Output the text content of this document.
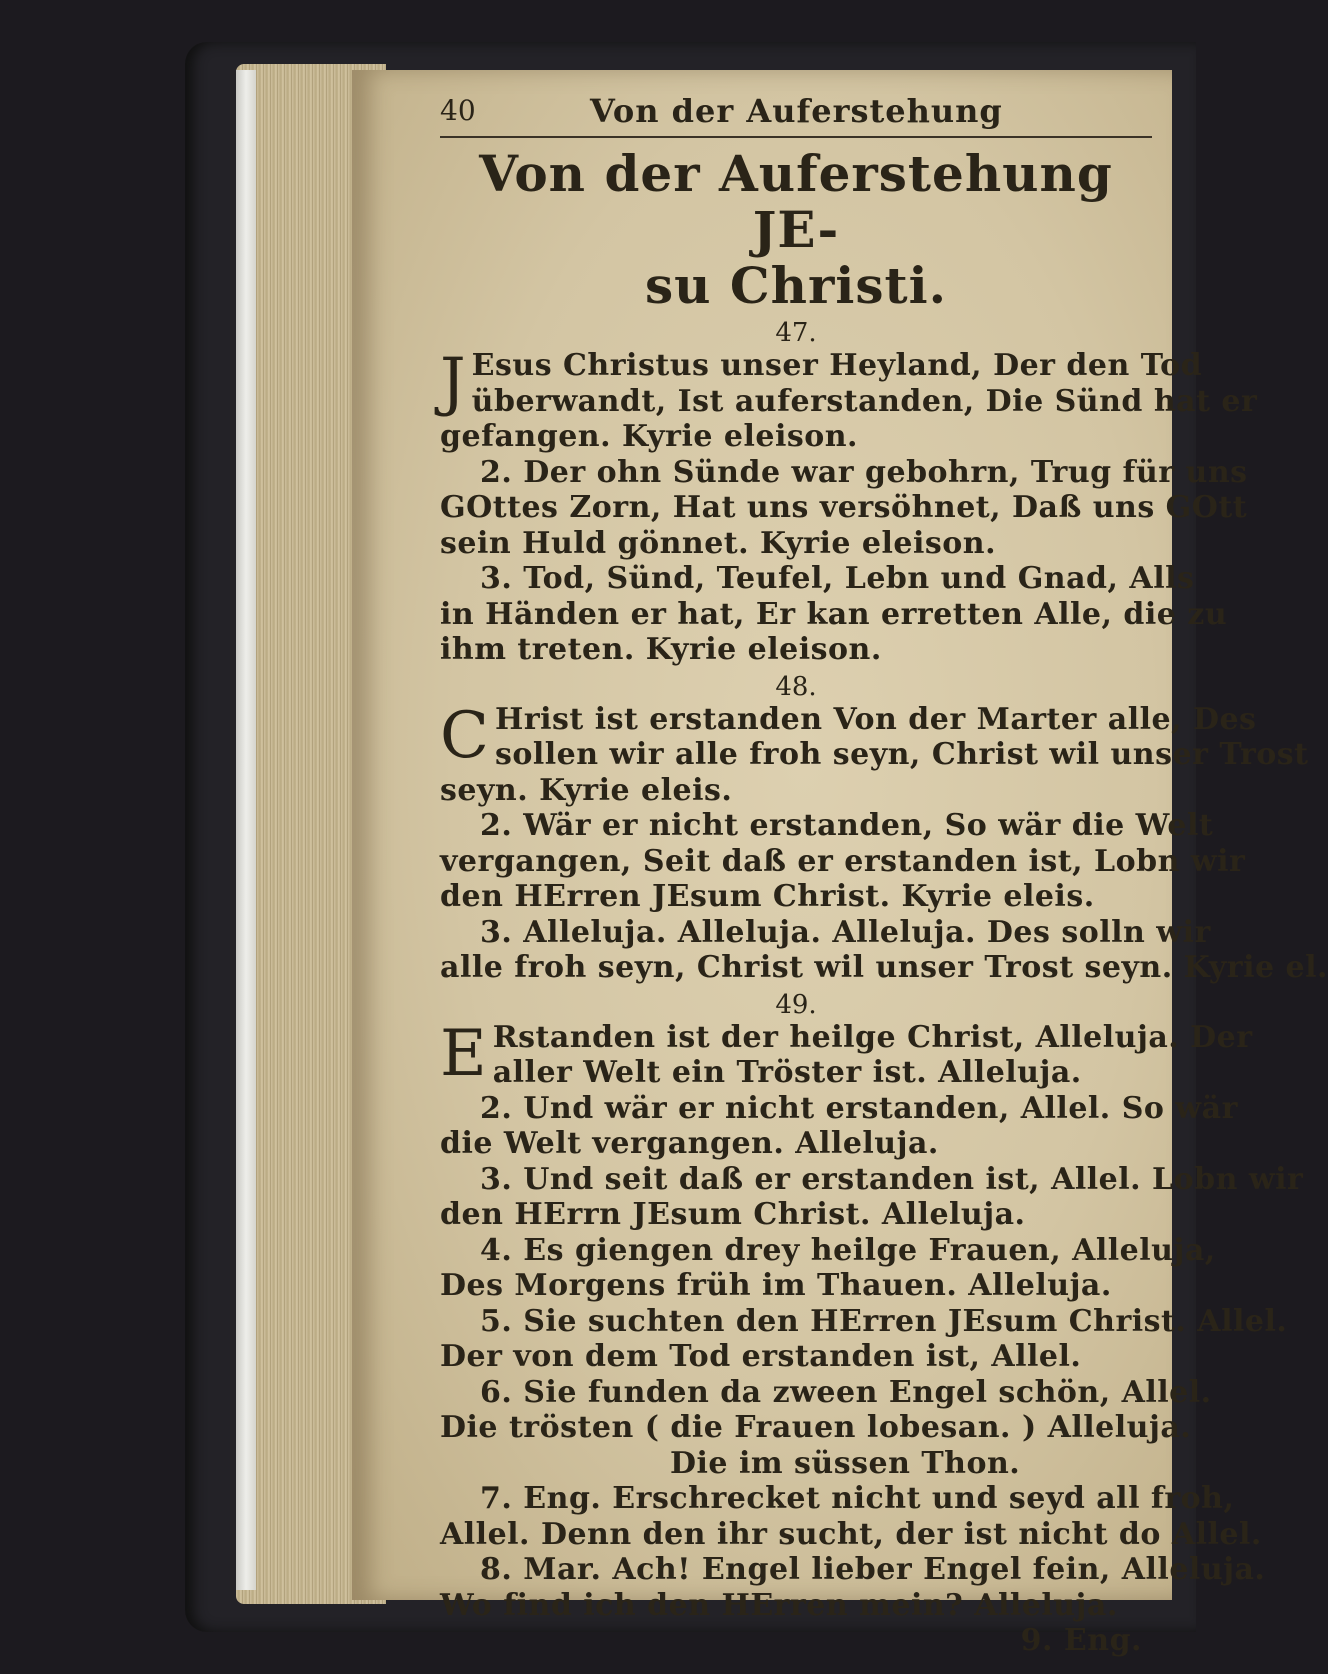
40	Von der Auferstehung
Von der Auferstehung JE-
su Christi.
47.
J Esus Christus unser Heyland, Der den Tod
überwandt, Ist auferstanden, Die Sünd hat er
gefangen. Kyrie eleison.
2. Der ohn Sünde war gebohrn, Trug für uns
GOttes Zorn, Hat uns versöhnet, Daß uns GOtt
sein Huld gönnet. Kyrie eleison.
3. Tod, Sünd, Teufel, Lebn und Gnad, Alls
in Händen er hat, Er kan erretten Alle, die zu
ihm treten. Kyrie eleison.
48.
C Hrist ist erstanden Von der Marter alle, Des
sollen wir alle froh seyn, Christ wil unser Trost
seyn. Kyrie eleis.
2. Wär er nicht erstanden, So wär die Welt
vergangen, Seit daß er erstanden ist, Lobn wir
den HErren JEsum Christ. Kyrie eleis.
3. Alleluja. Alleluja. Alleluja. Des solln wir
alle froh seyn, Christ wil unser Trost seyn. Kyrie el.
49.
E Rstanden ist der heilge Christ, Alleluja. Der
aller Welt ein Tröster ist. Alleluja.
2. Und wär er nicht erstanden, Allel. So wär
die Welt vergangen. Alleluja.
3. Und seit daß er erstanden ist, Allel. Lobn wir
den HErrn JEsum Christ. Alleluja.
4. Es giengen drey heilge Frauen, Alleluja,
Des Morgens früh im Thauen. Alleluja.
5. Sie suchten den HErren JEsum Christ. Allel.
Der von dem Tod erstanden ist, Allel.
6. Sie funden da zween Engel schön, Allel.
Die trösten ( die Frauen lobesan. ) Alleluja.
Die im süssen Thon.
7. Eng. Erschrecket nicht und seyd all froh,
Allel. Denn den ihr sucht, der ist nicht do Allel.
8. Mar. Ach! Engel lieber Engel fein, Alleluja.
Wo find ich den HErren mein? Alleluja.
9. Eng.
